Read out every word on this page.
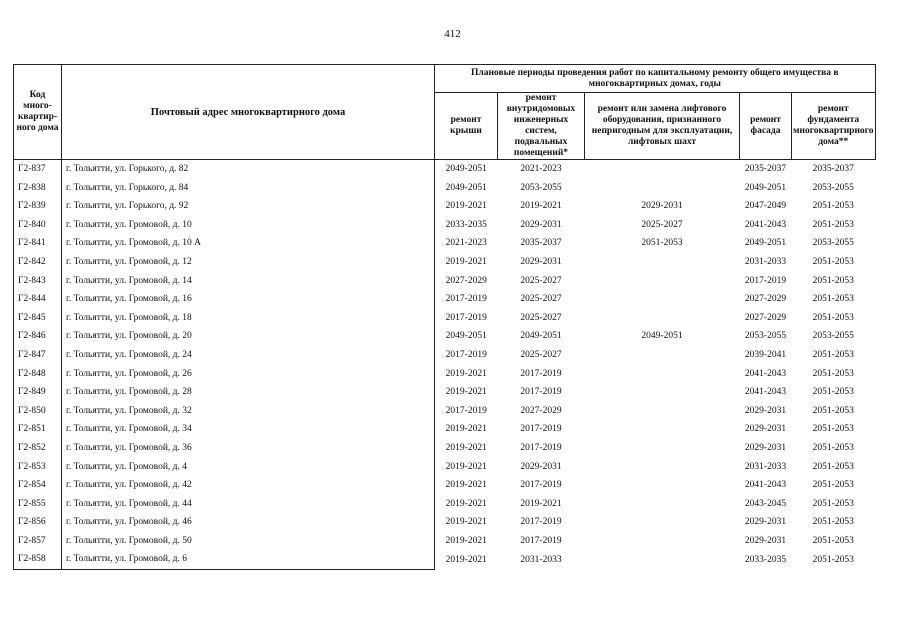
412
Код много-квартир-ного дома	Почтовый адрес многоквартирного дома	Плановые периоды проведения работ по капитальному ремонту общего имущества в многоквартирных домах, годы				
		ремонт крыши	ремонт внутридомовых инженерных систем, подвальных помещений*	ремонт или замена лифтового оборудования, признанного непригодным для эксплуатации, лифтовых шахт	ремонт фасада	ремонт фундамента многоквартирного дома**
Г2-837	г. Тольятти, ул. Горького, д. 82	2049-2051	2021-2023		2035-2037	2035-2037
Г2-838	г. Тольятти, ул. Горького, д. 84	2049-2051	2053-2055		2049-2051	2053-2055
Г2-839	г. Тольятти, ул. Горького, д. 92	2019-2021	2019-2021	2029-2031	2047-2049	2051-2053
Г2-840	г. Тольятти, ул. Громовой, д. 10	2033-2035	2029-2031	2025-2027	2041-2043	2051-2053
Г2-841	г. Тольятти, ул. Громовой, д. 10 А	2021-2023	2035-2037	2051-2053	2049-2051	2053-2055
Г2-842	г. Тольятти, ул. Громовой, д. 12	2019-2021	2029-2031		2031-2033	2051-2053
Г2-843	г. Тольятти, ул. Громовой, д. 14	2027-2029	2025-2027		2017-2019	2051-2053
Г2-844	г. Тольятти, ул. Громовой, д. 16	2017-2019	2025-2027		2027-2029	2051-2053
Г2-845	г. Тольятти, ул. Громовой, д. 18	2017-2019	2025-2027		2027-2029	2051-2053
Г2-846	г. Тольятти, ул. Громовой, д. 20	2049-2051	2049-2051	2049-2051	2053-2055	2053-2055
Г2-847	г. Тольятти, ул. Громовой, д. 24	2017-2019	2025-2027		2039-2041	2051-2053
Г2-848	г. Тольятти, ул. Громовой, д. 26	2019-2021	2017-2019		2041-2043	2051-2053
Г2-849	г. Тольятти, ул. Громовой, д. 28	2019-2021	2017-2019		2041-2043	2051-2053
Г2-850	г. Тольятти, ул. Громовой, д. 32	2017-2019	2027-2029		2029-2031	2051-2053
Г2-851	г. Тольятти, ул. Громовой, д. 34	2019-2021	2017-2019		2029-2031	2051-2053
Г2-852	г. Тольятти, ул. Громовой, д. 36	2019-2021	2017-2019		2029-2031	2051-2053
Г2-853	г. Тольятти, ул. Громовой, д. 4	2019-2021	2029-2031		2031-2033	2051-2053
Г2-854	г. Тольятти, ул. Громовой, д. 42	2019-2021	2017-2019		2041-2043	2051-2053
Г2-855	г. Тольятти, ул. Громовой, д. 44	2019-2021	2019-2021		2043-2045	2051-2053
Г2-856	г. Тольятти, ул. Громовой, д. 46	2019-2021	2017-2019		2029-2031	2051-2053
Г2-857	г. Тольятти, ул. Громовой, д. 50	2019-2021	2017-2019		2029-2031	2051-2053
Г2-858	г. Тольятти, ул. Громовой, д. 6	2019-2021	2031-2033		2033-2035	2051-2053
